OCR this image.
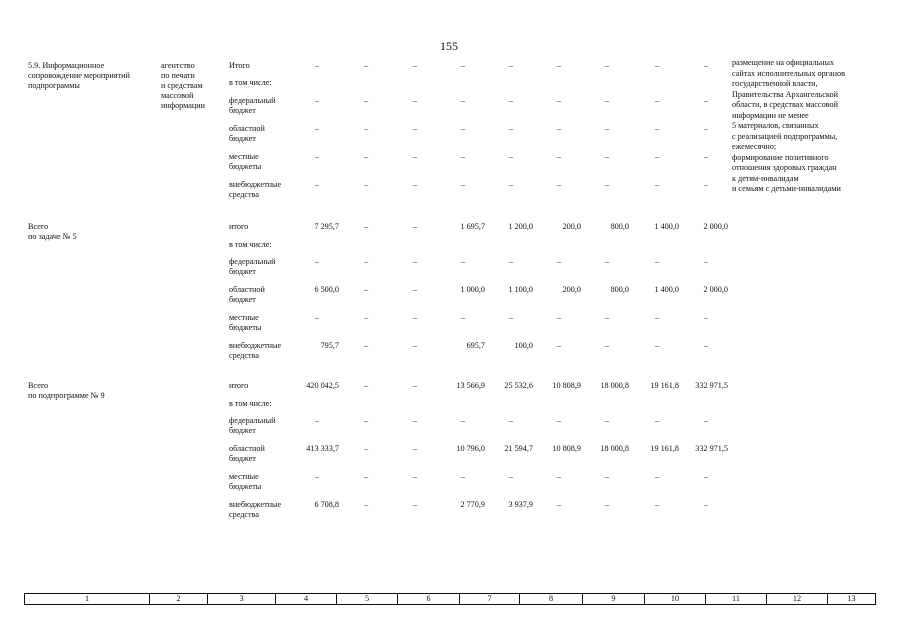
155
5.9. Информационное
сопровождение мероприятий
подпрограммы
агентство
по печати
и средствам
массовой
информации
Итого	–	–	–	–	–	–	–	–	–
в том числе:
федеральный
бюджет
–	–	–	–	–	–	–	–	–
областной
бюджет
–	–	–	–	–	–	–	–	–
местные
бюджеты
–	–	–	–	–	–	–	–	–
внебюджетные
средства
–	–	–	–	–	–	–	–	–
размещение на официальных
сайтах исполнительных органов
государственной власти,
Правительства Архангельской
области, в средствах массовой
информации не менее
5 материалов, связанных
с реализацией подпрограммы,
ежемесячно;
формирование позитивного
отношения здоровых граждан
к детям-инвалидам
и семьям с детьми-инвалидами
Всего
по задаче № 5
итого	7 295,7	–	–	1 695,7	1 200,0	200,0	800,0	1 400,0	2 000,0
в том числе:
федеральный
бюджет
–	–	–	–	–	–	–	–	–
областной
бюджет
6 500,0	–	–	1 000,0	1 100,0	200,0	800,0	1 400,0	2 000,0
местные
бюджеты
–	–	–	–	–	–	–	–	–
внебюджетные
средства
795,7	–	–	695,7	100,0	–	–	–	–
Всего
по подпрограмме № 9
итого	420 042,5	–	–	13 566,9	25 532,6	10 808,9	18 000,8	19 161,8	332 971,5
в том числе:
федеральный
бюджет
–	–	–	–	–	–	–	–	–
областной
бюджет
413 333,7	–	–	10 796,0	21 594,7	10 808,9	18 000,8	19 161,8	332 971,5
местные
бюджеты
–	–	–	–	–	–	–	–	–
внебюджетные
средства
6 708,8	–	–	2 770,9	3 937,9	–	–	–	–
1	2	3	4	5	6	7	8	9	10	11	12	13
